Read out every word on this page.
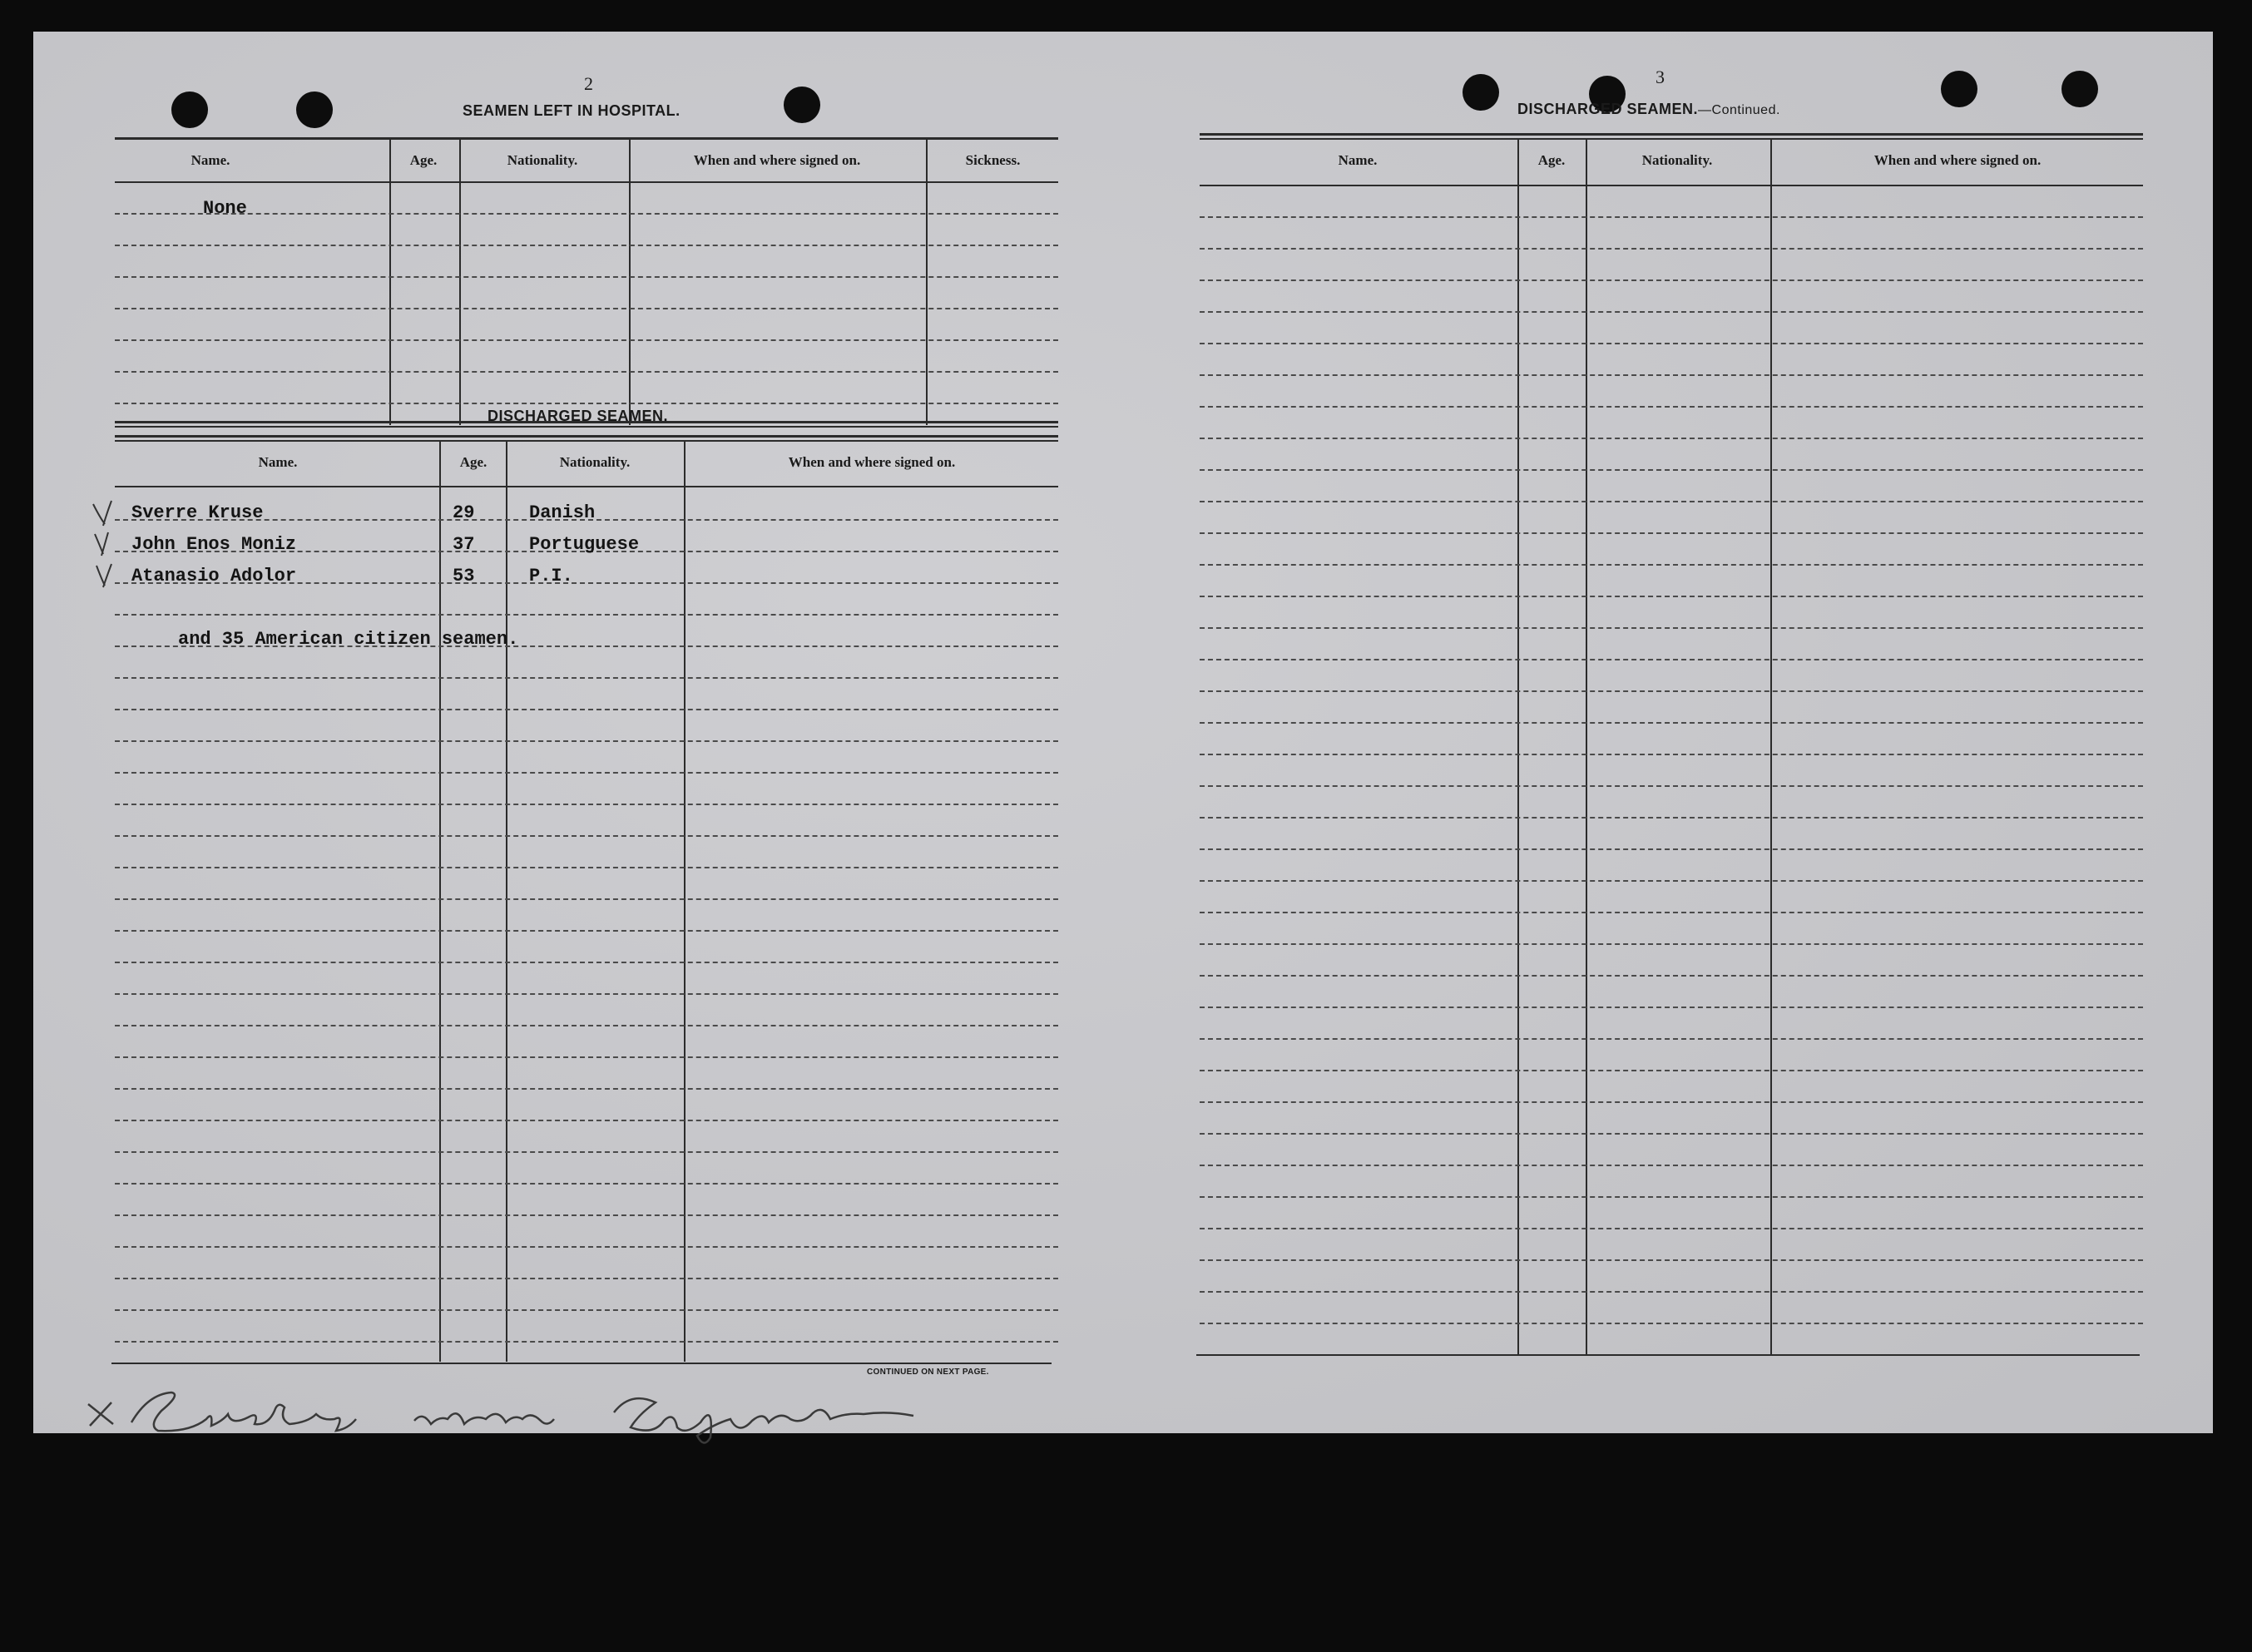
2
SEAMEN LEFT IN HOSPITAL.
Name.	Age.	Nationality.	When and where signed on.	Sickness.
None
DISCHARGED SEAMEN.
Name.	Age.	Nationality.	When and where signed on.
Sverre Kruse	29	Danish
John Enos Moniz	37	Portuguese
Atanasio Adolor	53	P.I.
and 35 American citizen seamen.
CONTINUED ON NEXT PAGE.
3
DISCHARGED SEAMEN.—Continued.
Name.	Age.	Nationality.	When and where signed on.
